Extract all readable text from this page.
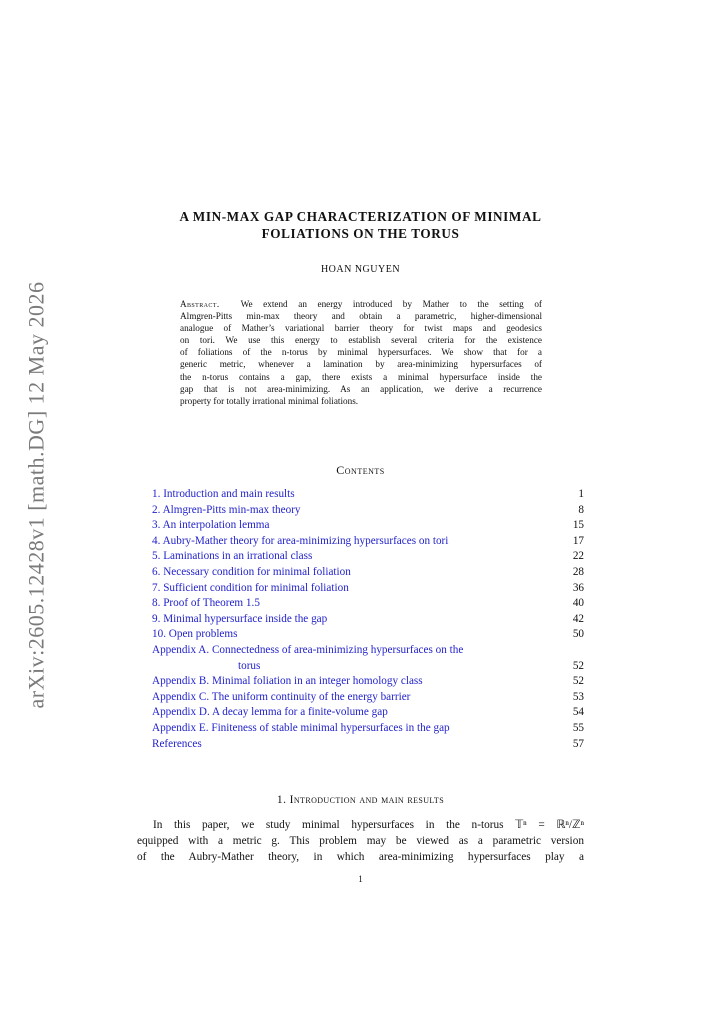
arXiv:2605.12428v1 [math.DG] 12 May 2026
A MIN-MAX GAP CHARACTERIZATION OF MINIMAL
FOLIATIONS ON THE TORUS
HOAN NGUYEN
Abstract. We extend an energy introduced by Mather to the setting of
Almgren-Pitts min-max theory and obtain a parametric, higher-dimensional
analogue of Mather’s variational barrier theory for twist maps and geodesics
on tori. We use this energy to establish several criteria for the existence
of foliations of the n-torus by minimal hypersurfaces. We show that for a
generic metric, whenever a lamination by area-minimizing hypersurfaces of
the n-torus contains a gap, there exists a minimal hypersurface inside the
gap that is not area-minimizing. As an application, we derive a recurrence
property for totally irrational minimal foliations.
Contents
1. Introduction and main results	1
2. Almgren-Pitts min-max theory	8
3. An interpolation lemma	15
4. Aubry-Mather theory for area-minimizing hypersurfaces on tori	17
5. Laminations in an irrational class	22
6. Necessary condition for minimal foliation	28
7. Sufficient condition for minimal foliation	36
8. Proof of Theorem 1.5	40
9. Minimal hypersurface inside the gap	42
10. Open problems	50
Appendix A. Connectedness of area-minimizing hypersurfaces on the
torus	52
Appendix B. Minimal foliation in an integer homology class	52
Appendix C. The uniform continuity of the energy barrier	53
Appendix D. A decay lemma for a finite-volume gap	54
Appendix E. Finiteness of stable minimal hypersurfaces in the gap	55
References	57
1. Introduction and main results
In this paper, we study minimal hypersurfaces in the n-torus 𝕋ⁿ = ℝⁿ/ℤⁿ
equipped with a metric g. This problem may be viewed as a parametric version
of the Aubry-Mather theory, in which area-minimizing hypersurfaces play a
1
